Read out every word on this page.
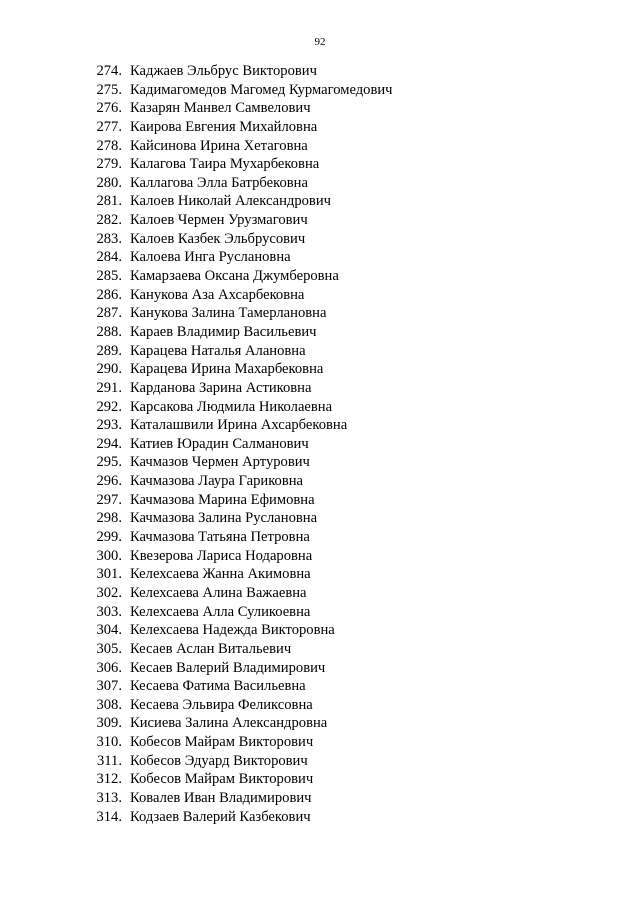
92
274. Каджаев Эльбрус Викторович
275. Кадимагомедов Магомед Курмагомедович
276. Казарян Манвел Самвелович
277. Каирова Евгения Михайловна
278. Кайсинова Ирина Хетаговна
279. Калагова Таира Мухарбековна
280. Каллагова Элла Батрбековна
281. Калоев Николай Александрович
282. Калоев Чермен Урузмагович
283. Калоев Казбек Эльбрусович
284. Калоева Инга Руслановна
285. Камарзаева Оксана Джумберовна
286. Канукова Аза Ахсарбековна
287. Канукова Залина Тамерлановна
288. Караев Владимир Васильевич
289. Карацева Наталья Алановна
290. Карацева Ирина Махарбековна
291. Карданова Зарина Астиковна
292. Карсакова Людмила Николаевна
293. Каталашвили Ирина Ахсарбековна
294. Катиев Юрадин Салманович
295. Качмазов Чермен Артурович
296. Качмазова Лаура Гариковна
297. Качмазова Марина Ефимовна
298. Качмазова Залина Руслановна
299. Качмазова Татьяна Петровна
300. Квезерова Лариса Нодаровна
301. Келехсаева Жанна Акимовна
302. Келехсаева Алина Важаевна
303. Келехсаева Алла Суликоевна
304. Келехсаева Надежда Викторовна
305. Кесаев Аслан Витальевич
306. Кесаев Валерий Владимирович
307. Кесаева Фатима Васильевна
308. Кесаева Эльвира Феликсовна
309. Кисиева Залина Александровна
310. Кобесов Майрам Викторович
311. Кобесов Эдуард Викторович
312. Кобесов Майрам Викторович
313. Ковалев Иван Владимирович
314. Кодзаев Валерий Казбекович
